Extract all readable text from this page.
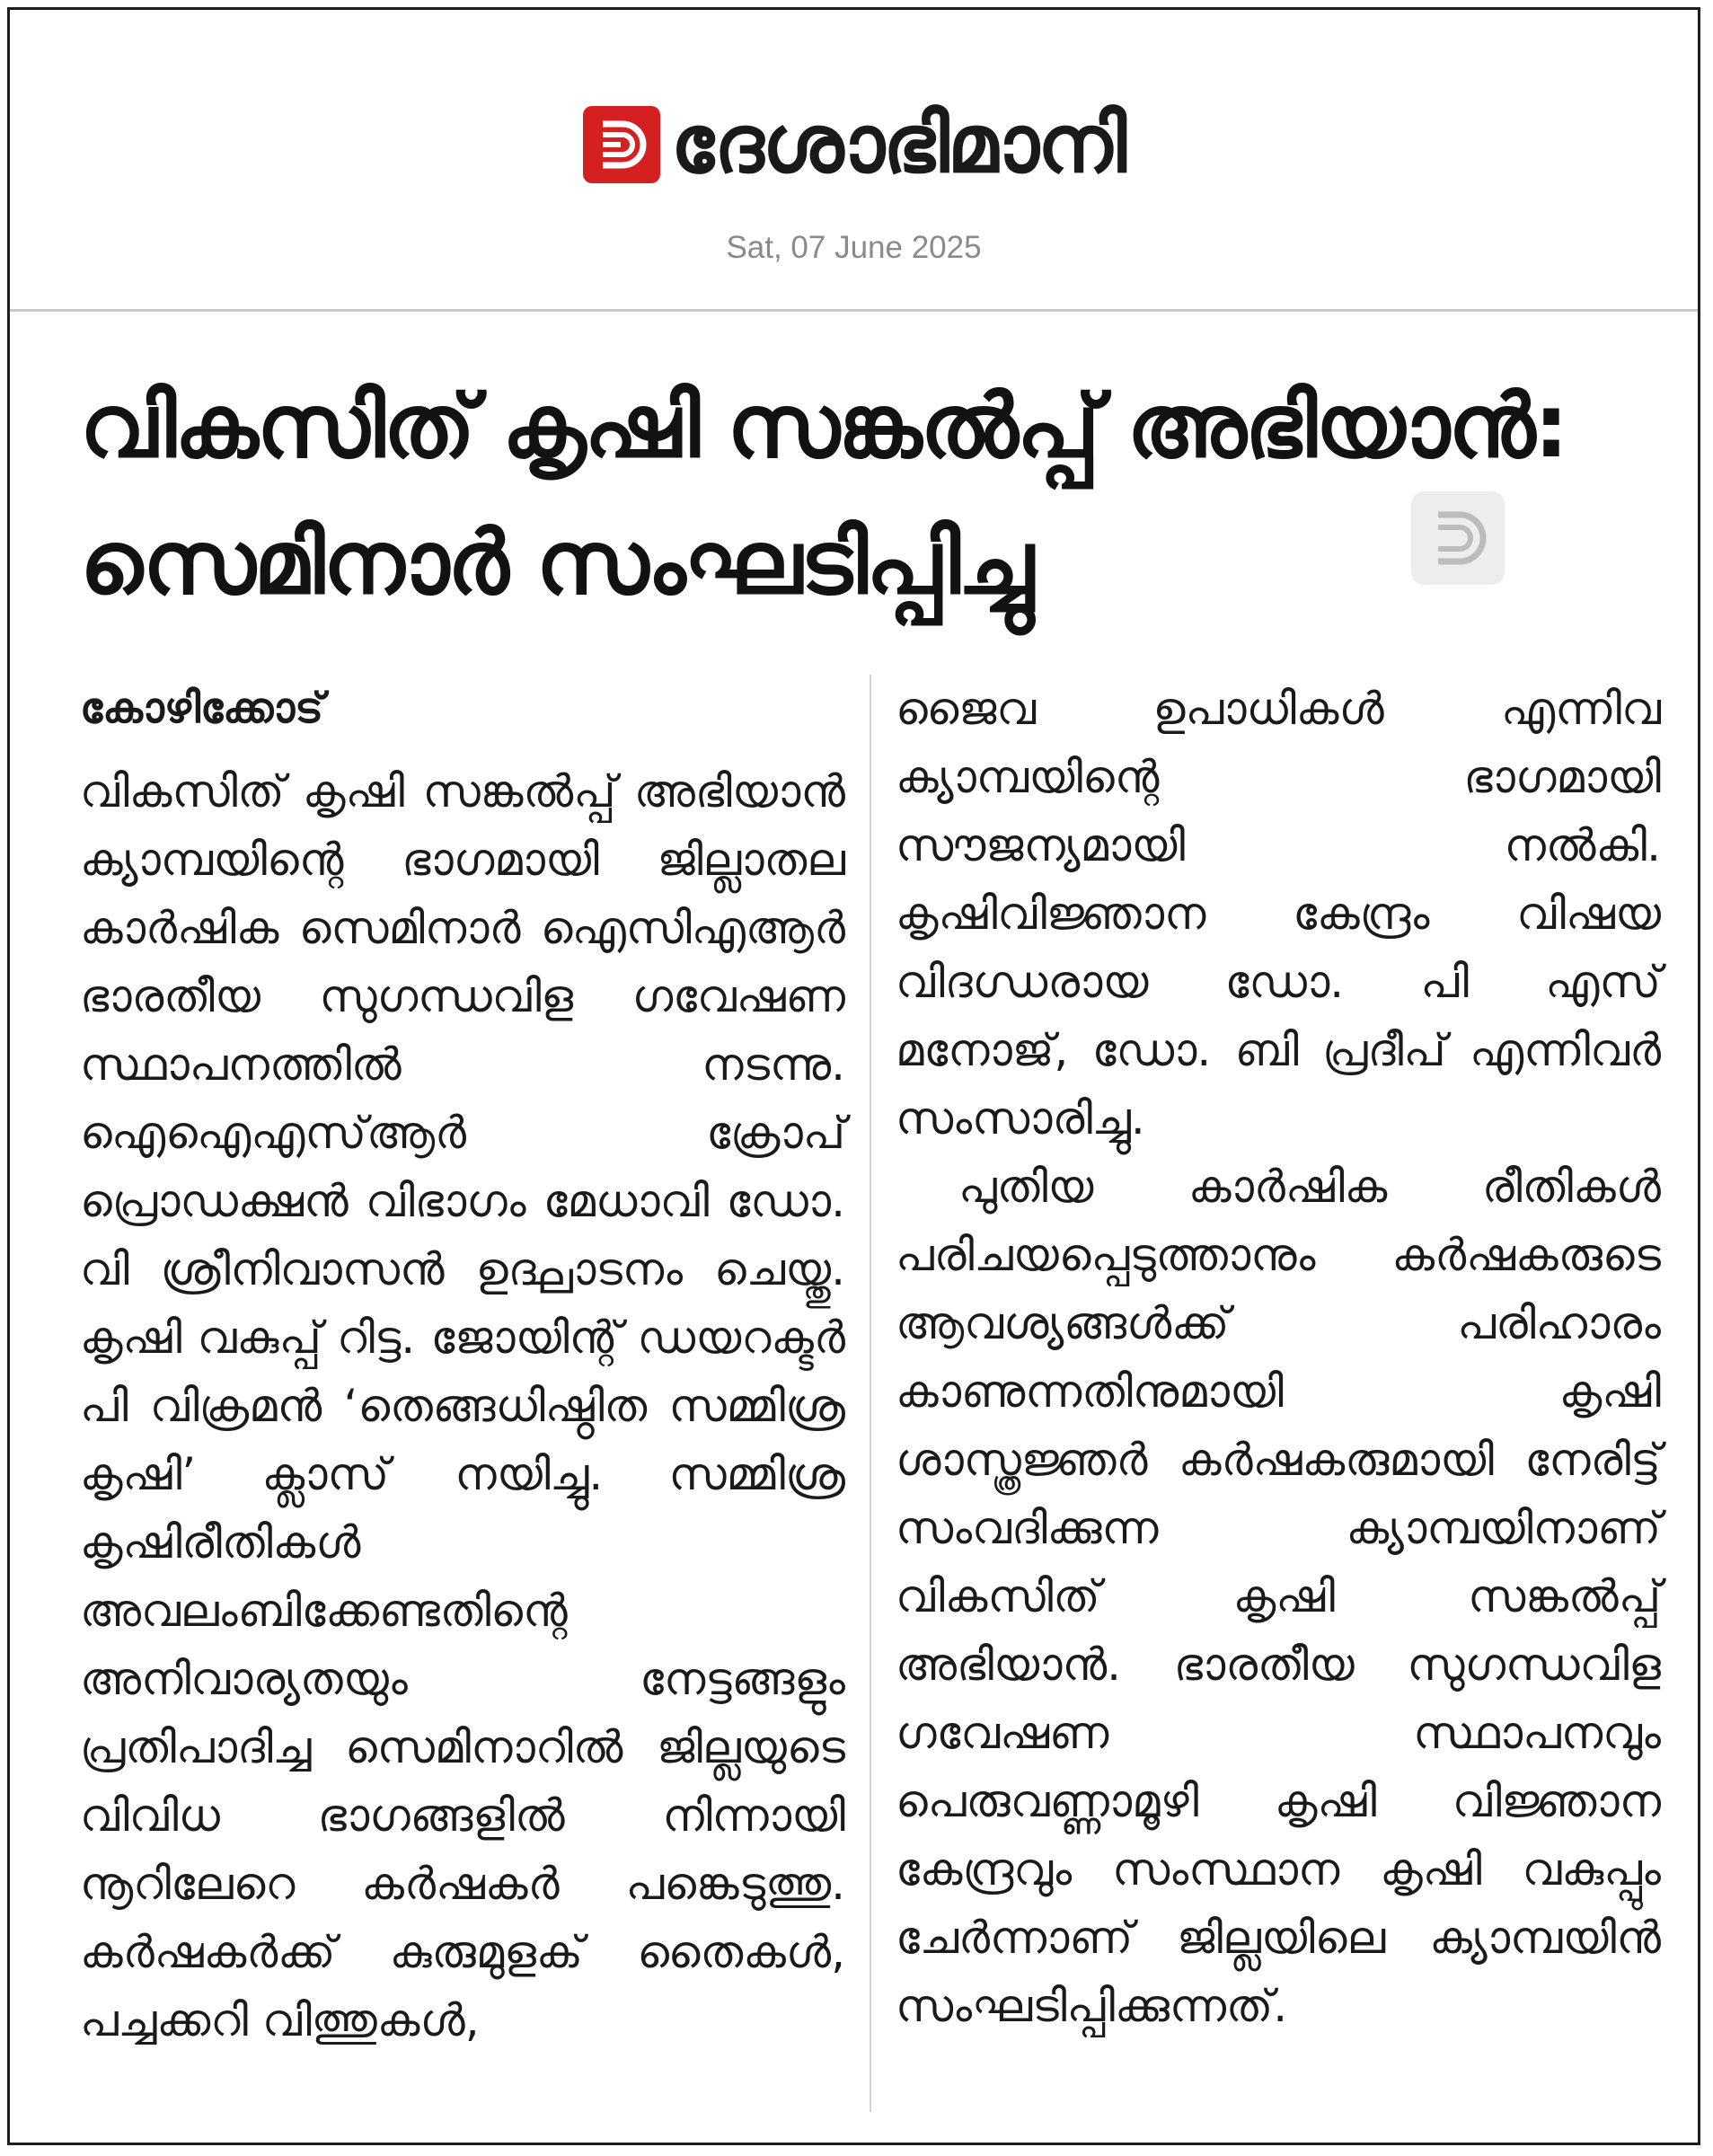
ദേശാഭിമാനി
Sat, 07 June 2025
വികസിത് കൃഷി സങ്കൽപ്പ് അഭിയാൻ:
സെമിനാർ സംഘടിപ്പിച്ചു

കോഴിക്കോട്

വികസിത് കൃഷി സങ്കൽപ്പ് അഭിയാൻ ക്യാമ്പയിന്റെ ഭാഗമായി ജില്ലാതല കാർഷിക സെമിനാർ ഐസിഎആർ ഭാരതീയ സുഗന്ധവിള ഗവേഷണ സ്ഥാപനത്തിൽ നടന്നു. ഐഐഎസ്ആർ ക്രോപ് പ്രൊഡക്ഷൻ വിഭാഗം മേധാവി ഡോ. വി ശ്രീനിവാസൻ ഉദ്ഘാടനം ചെയ്തു. കൃഷി വകുപ്പ് റിട്ട. ജോയിന്റ് ഡയറക്ടർ പി വിക്രമൻ ‘തെങ്ങധിഷ്ഠിത സമ്മിശ്ര കൃഷി’ ക്ലാസ് നയിച്ചു. സമ്മിശ്ര കൃഷിരീതികൾ അവലംബിക്കേണ്ടതിന്റെ അനിവാര്യതയും നേട്ടങ്ങളും പ്രതിപാദിച്ച സെമിനാറിൽ ജില്ലയുടെ വിവിധ ഭാഗങ്ങളിൽ നിന്നായി നൂറിലേറെ കർഷകർ പങ്കെടുത്തു. കർഷകർക്ക് കുരുമുളക് തൈകൾ, പച്ചക്കറി വിത്തുകൾ,

ജൈവ ഉപാധികൾ എന്നിവ ക്യാമ്പയിന്റെ ഭാഗമായി സൗജന്യമായി നൽകി. കൃഷിവിജ്ഞാന കേന്ദ്രം വിഷയ വിദഗ്ധരായ ഡോ. പി എസ് മനോജ്, ഡോ. ബി പ്രദീപ് എന്നിവർ സംസാരിച്ചു.

പുതിയ കാർഷിക രീതികൾ പരിചയപ്പെടുത്താനും കർഷകരുടെ ആവശ്യങ്ങൾക്ക് പരിഹാരം കാണുന്നതിനുമായി കൃഷി ശാസ്ത്രജ്ഞർ കർഷകരുമായി നേരിട്ട് സംവദിക്കുന്ന ക്യാമ്പയിനാണ് വികസിത് കൃഷി സങ്കൽപ്പ് അഭിയാൻ. ഭാരതീയ സുഗന്ധവിള ഗവേഷണ സ്ഥാപനവും പെരുവണ്ണാമൂഴി കൃഷി വിജ്ഞാന കേന്ദ്രവും സംസ്ഥാന കൃഷി വകുപ്പും ചേർന്നാണ് ജില്ലയിലെ ക്യാമ്പയിൻ സംഘടിപ്പിക്കുന്നത്.
